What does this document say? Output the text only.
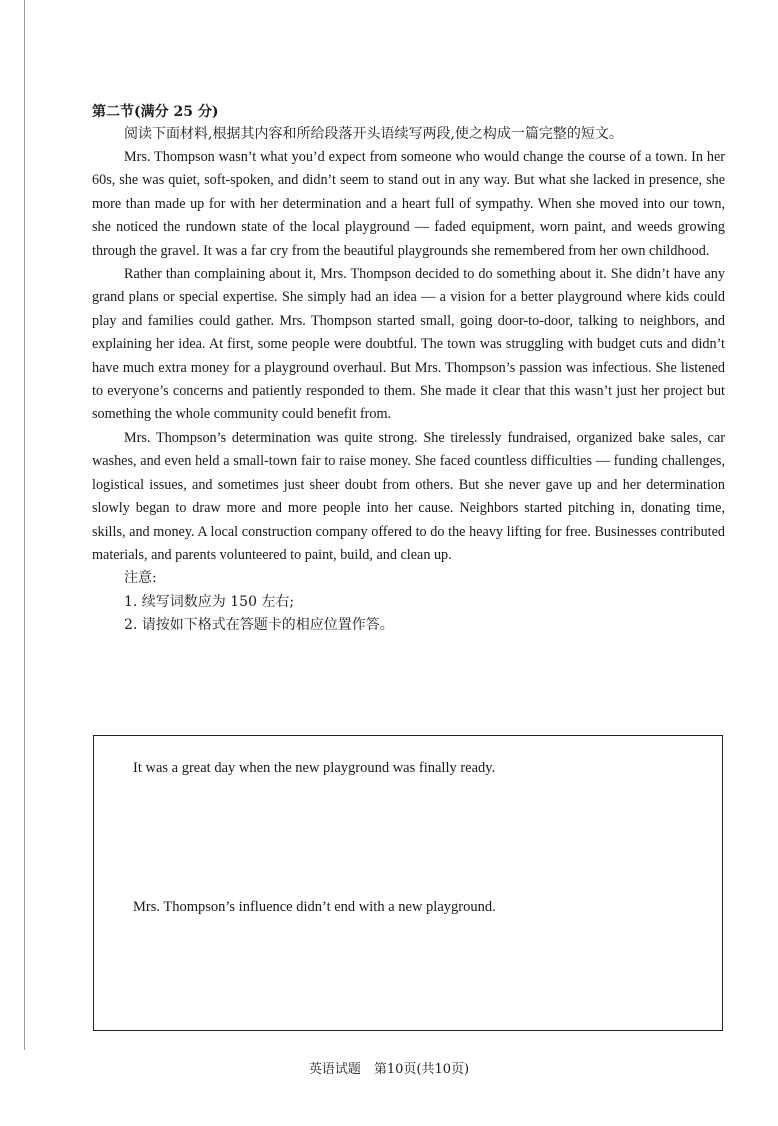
第二节(满分 25 分)

阅读下面材料,根据其内容和所给段落开头语续写两段,使之构成一篇完整的短文。

Mrs. Thompson wasn’t what you’d expect from someone who would change the course of a town. In her 60s, she was quiet, soft-spoken, and didn’t seem to stand out in any way. But what she lacked in presence, she more than made up for with her determination and a heart full of sympathy. When she moved into our town, she noticed the rundown state of the local playground — faded equipment, worn paint, and weeds growing through the gravel. It was a far cry from the beautiful playgrounds she remembered from her own childhood.

Rather than complaining about it, Mrs. Thompson decided to do something about it. She didn’t have any grand plans or special expertise. She simply had an idea — a vision for a better playground where kids could play and families could gather. Mrs. Thompson started small, going door-to-door, talking to neighbors, and explaining her idea. At first, some people were doubtful. The town was struggling with budget cuts and didn’t have much extra money for a playground overhaul. But Mrs. Thompson’s passion was infectious. She listened to everyone’s concerns and patiently responded to them. She made it clear that this wasn’t just her project but something the whole community could benefit from.

Mrs. Thompson’s determination was quite strong. She tirelessly fundraised, organized bake sales, car washes, and even held a small-town fair to raise money. She faced countless difficulties — funding challenges, logistical issues, and sometimes just sheer doubt from others. But she never gave up and her determination slowly began to draw more and more people into her cause. Neighbors started pitching in, donating time, skills, and money. A local construction company offered to do the heavy lifting for free. Businesses contributed materials, and parents volunteered to paint, build, and clean up.

注意:

1. 续写词数应为 150 左右;

2. 请按如下格式在答题卡的相应位置作答。

It was a great day when the new playground was finally ready.

Mrs. Thompson’s influence didn’t end with a new playground.

英语试题　第10页(共10页)
